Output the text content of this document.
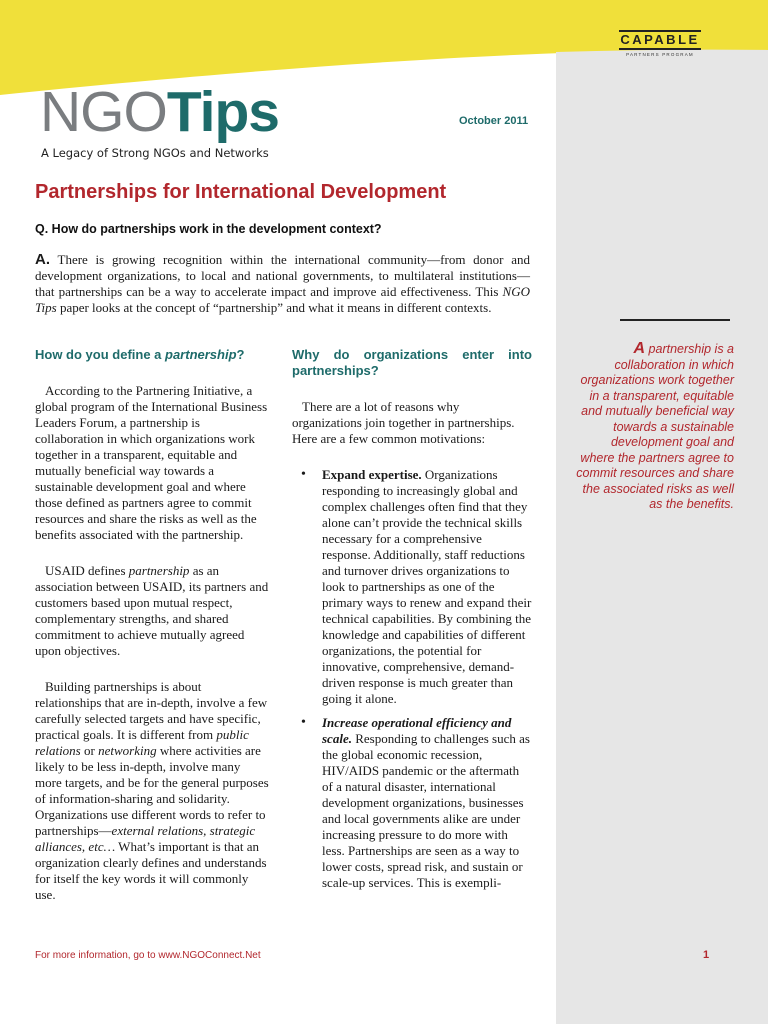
CAPABLE
PARTNERS PROGRAM
NGOTips
A Legacy of Strong NGOs and Networks
October 2011
Partnerships for International Development
Q. How do partnerships work in the development context?
A. There is growing recognition within the international community—from donor and development organizations, to local and national governments, to multilateral institutions—that partnerships can be a way to accelerate impact and improve aid effectiveness. This NGO Tips paper looks at the concept of “partnership” and what it means in different contexts.
How do you define a partnership?

According to the Partnering Initiative, a global program of the International Business Leaders Forum, a partnership is collaboration in which organizations work together in a transparent, equitable and mutually beneficial way towards a sustainable development goal and where those defined as partners agree to commit resources and share the risks as well as the benefits associated with the partnership.

USAID defines partnership as an association between USAID, its partners and customers based upon mutual respect, complementary strengths, and shared commitment to achieve mutually agreed upon objectives.

Building partnerships is about relationships that are in-depth, involve a few carefully selected targets and have specific, practical goals. It is different from public relations or networking where activities are likely to be less in-depth, involve many more targets, and be for the general purposes of information-sharing and solidarity. Organizations use different words to refer to partnerships—external relations, strategic alliances, etc… What’s important is that an organization clearly defines and understands for itself the key words it will commonly use.

Why do organizations enter into partnerships?

There are a lot of reasons why organizations join together in partnerships. Here are a few common motivations:

• Expand expertise. Organizations responding to increasingly global and complex challenges often find that they alone can’t provide the technical skills necessary for a comprehensive response. Additionally, staff reductions and turnover drives organizations to look to partnerships as one of the primary ways to renew and expand their technical capabilities. By combining the knowledge and capabilities of different organizations, the potential for innovative, comprehensive, demand-driven response is much greater than going it alone.
• Increase operational efficiency and scale. Responding to challenges such as the global economic recession, HIV/AIDS pandemic or the aftermath of a natural disaster, international development organizations, businesses and local governments alike are under increasing pressure to do more with less. Partnerships are seen as a way to lower costs, spread risk, and sustain or scale-up services. This is exempli-
A partnership is a collaboration in which organizations work together in a transparent, equitable and mutually beneficial way towards a sustainable development goal and where the partners agree to commit resources and share the associated risks as well as the benefits.
For more information, go to www.NGOConnect.Net	1
